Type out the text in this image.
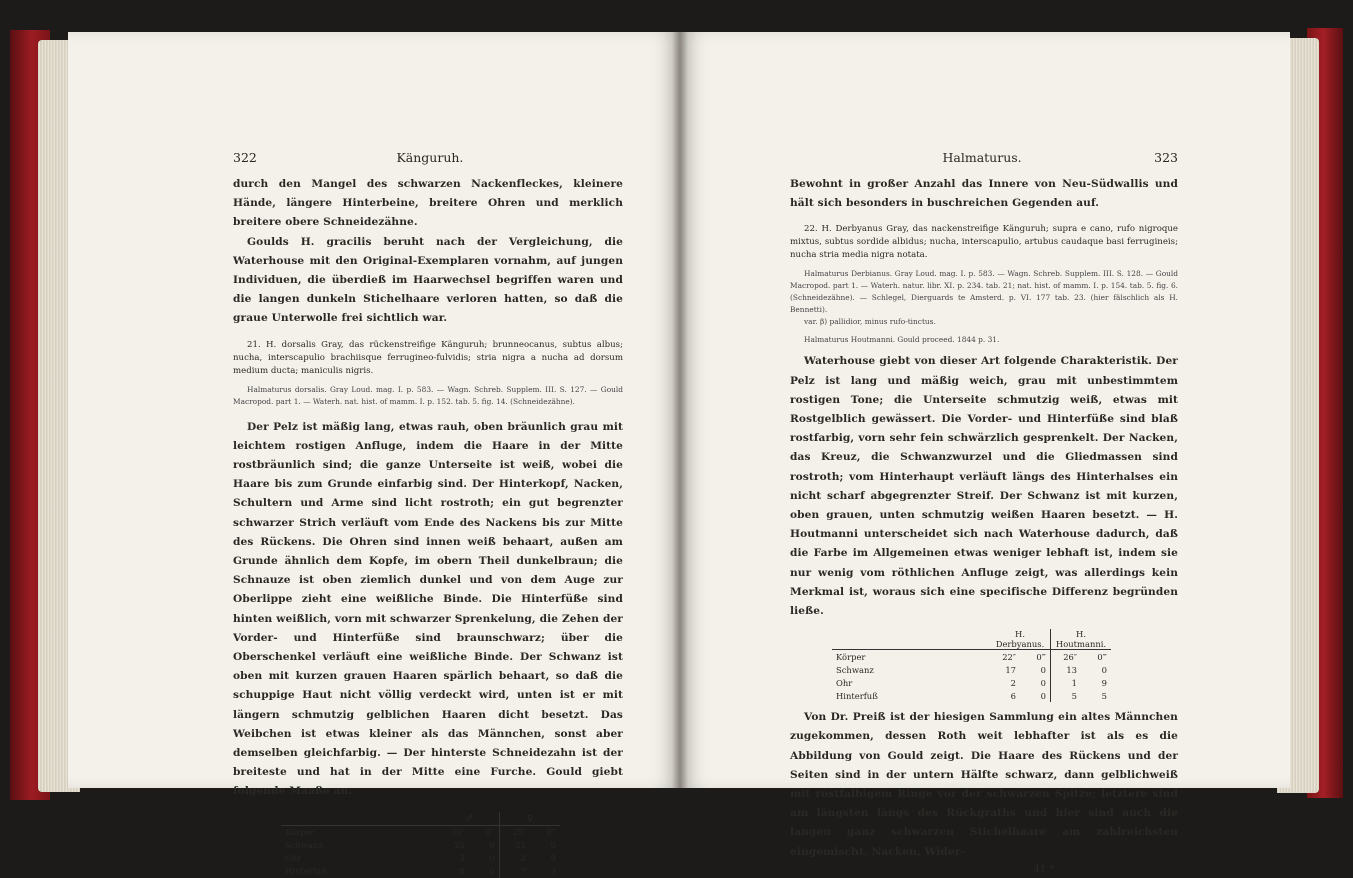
322	Känguruh.

durch den Mangel des schwarzen Nackenfleckes, kleinere Hände, längere Hinterbeine, breitere Ohren und merklich breitere obere Schneidezähne.

Goulds H. gracilis beruht nach der Vergleichung, die Waterhouse mit den Original-Exemplaren vornahm, auf jungen Individuen, die überdieß im Haarwechsel begriffen waren und die langen dunkeln Stichelhaare verloren hatten, so daß die graue Unterwolle frei sichtlich war.

21. H. dorsalis Gray, das rückenstreifige Känguruh; brunneocanus, subtus albus; nucha, interscapulio brachiisque ferrugineo-fulvidis; stria nigra a nucha ad dorsum medium ducta; maniculis nigris.

Halmaturus dorsalis. Gray Loud. mag. I. p. 583. — Wagn. Schreb. Supplem. III. S. 127. — Gould Macropod. part 1. — Waterh. nat. hist. of mamm. I. p. 152. tab. 5. fig. 14. (Schneidezähne).

Der Pelz ist mäßig lang, etwas rauh, oben bräunlich grau mit leichtem rostigen Anfluge, indem die Haare in der Mitte rostbräunlich sind; die ganze Unterseite ist weiß, wobei die Haare bis zum Grunde einfarbig sind. Der Hinterkopf, Nacken, Schultern und Arme sind licht rostroth; ein gut begrenzter schwarzer Strich verläuft vom Ende des Nackens bis zur Mitte des Rückens. Die Ohren sind innen weiß behaart, außen am Grunde ähnlich dem Kopfe, im obern Theil dunkelbraun; die Schnauze ist oben ziemlich dunkel und von dem Auge zur Oberlippe zieht eine weißliche Binde. Die Hinterfüße sind hinten weißlich, vorn mit schwarzer Sprenkelung, die Zehen der Vorder- und Hinterfüße sind braunschwarz; über die Oberschenkel verläuft eine weißliche Binde. Der Schwanz ist oben mit kurzen grauen Haaren spärlich behaart, so daß die schuppige Haut nicht völlig verdeckt wird, unten ist er mit längern schmutzig gelblichen Haaren dicht besetzt. Das Weibchen ist etwas kleiner als das Männchen, sonst aber demselben gleichfarbig. — Der hinterste Schneidezahn ist der breiteste und hat in der Mitte eine Furche. Gould giebt folgende Maaße an.

	♂		♀	
Körper	30″	0‴	25″	0‴
Schwanz	25	0	21	0
Ohr	3	0	2	9
Hinterfuß	8	0	7	3
Halmaturus.	323

Bewohnt in großer Anzahl das Innere von Neu-Südwallis und hält sich besonders in buschreichen Gegenden auf.

22. H. Derbyanus Gray, das nackenstreifige Känguruh; supra e cano, rufo nigroque mixtus, subtus sordide albidus; nucha, interscapulio, artubus caudaque basi ferrugineis; nucha stria media nigra notata.

Halmaturus Derbianus. Gray Loud. mag. I. p. 583. — Wagn. Schreb. Supplem. III. S. 128. — Gould Macropod. part 1. — Waterh. natur. libr. XI. p. 234. tab. 21; nat. hist. of mamm. I. p. 154. tab. 5. fig. 6. (Schneidezähne). — Schlegel, Dierguards te Amsterd. p. VI. 177 tab. 23. (hier fälschlich als H. Bennetti).

var. β) pallidior, minus rufo-tinctus.

Halmaturus Houtmanni. Gould proceed. 1844 p. 31.

Waterhouse giebt von dieser Art folgende Charakteristik. Der Pelz ist lang und mäßig weich, grau mit unbestimmtem rostigen Tone; die Unterseite schmutzig weiß, etwas mit Rostgelblich gewässert. Die Vorder- und Hinterfüße sind blaß rostfarbig, vorn sehr fein schwärzlich gesprenkelt. Der Nacken, das Kreuz, die Schwanzwurzel und die Gliedmassen sind rostroth; vom Hinterhaupt verläuft längs des Hinterhalses ein nicht scharf abgegrenzter Streif. Der Schwanz ist mit kurzen, oben grauen, unten schmutzig weißen Haaren besetzt. — H. Houtmanni unterscheidet sich nach Waterhouse dadurch, daß die Farbe im Allgemeinen etwas weniger lebhaft ist, indem sie nur wenig vom röthlichen Anfluge zeigt, was allerdings kein Merkmal ist, woraus sich eine specifische Differenz begründen ließe.

	H. Derbyanus.		H. Houtmanni.	
Körper	22″	0‴	26″	0‴
Schwanz	17	0	13	0
Ohr	2	0	1	9
Hinterfuß	6	0	5	5

Von Dr. Preiß ist der hiesigen Sammlung ein altes Männchen zugekommen, dessen Roth weit lebhafter ist als es die Abbildung von Gould zeigt. Die Haare des Rückens und der Seiten sind in der untern Hälfte schwarz, dann gelblichweiß mit rostfalbigem Ringe vor der schwarzen Spitze; letztere sind am längsten längs des Rückgraths und hier sind auch die langen ganz schwarzen Stichelhaare am zahlreichsten eingemischt. Nacken, Wider-

41 *
